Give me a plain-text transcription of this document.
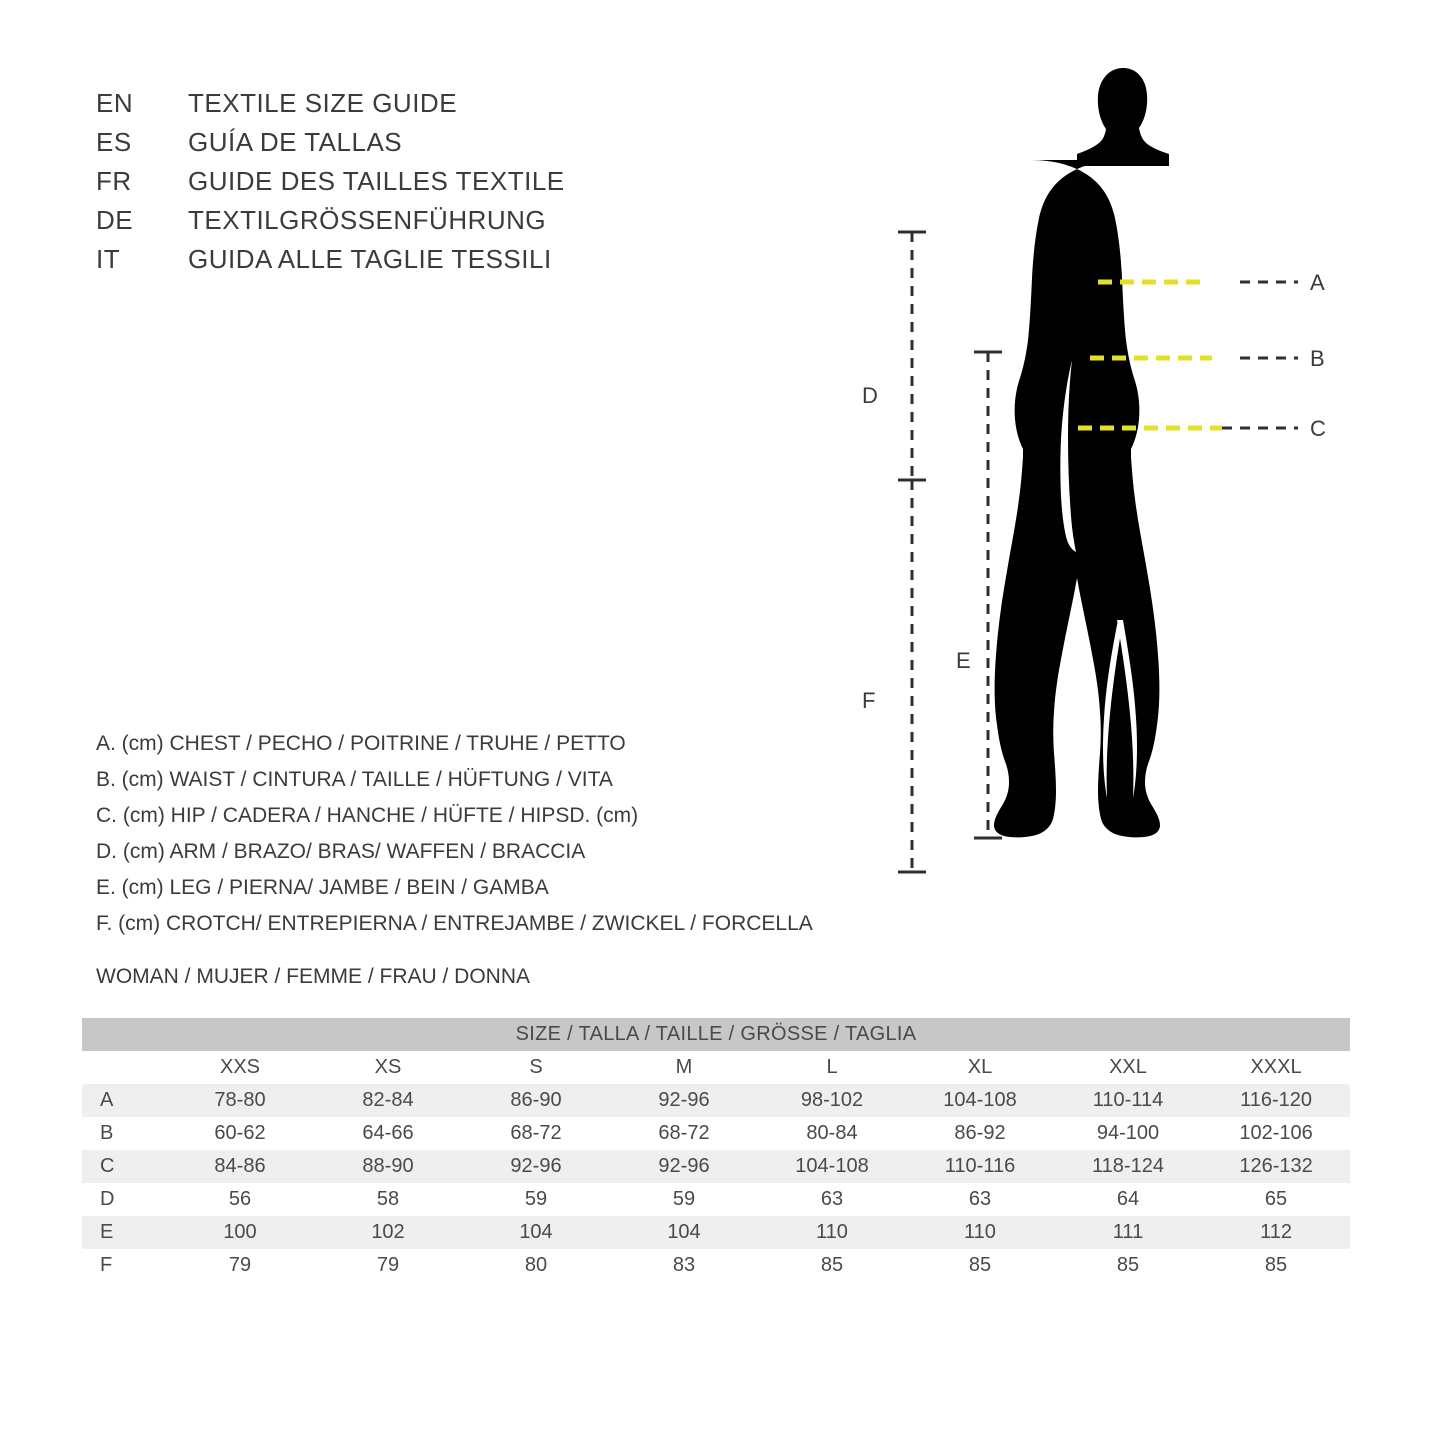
EN	TEXTILE SIZE GUIDE
ES	GUÍA DE TALLAS
FR	GUIDE DES TAILLES TEXTILE
DE	TEXTILGRÖSSENFÜHRUNG
IT	GUIDA ALLE TAGLIE TESSILI
D
E
F
A
B
C
A. (cm) CHEST / PECHO / POITRINE / TRUHE / PETTO
B. (cm) WAIST / CINTURA / TAILLE / HÜFTUNG / VITA
C. (cm) HIP / CADERA / HANCHE / HÜFTE / HIPSD. (cm)
D. (cm) ARM / BRAZO/ BRAS/ WAFFEN / BRACCIA
E. (cm) LEG / PIERNA/ JAMBE / BEIN / GAMBA
F. (cm) CROTCH/ ENTREPIERNA / ENTREJAMBE / ZWICKEL / FORCELLA
WOMAN / MUJER / FEMME / FRAU / DONNA
SIZE / TALLA / TAILLE / GRÖSSE / TAGLIA								
	XXS	XS	S	M	L	XL	XXL	XXXL
A	78-80	82-84	86-90	92-96	98-102	104-108	110-114	116-120
B	60-62	64-66	68-72	68-72	80-84	86-92	94-100	102-106
C	84-86	88-90	92-96	92-96	104-108	110-116	118-124	126-132
D	56	58	59	59	63	63	64	65
E	100	102	104	104	110	110	111	112
F	79	79	80	83	85	85	85	85
